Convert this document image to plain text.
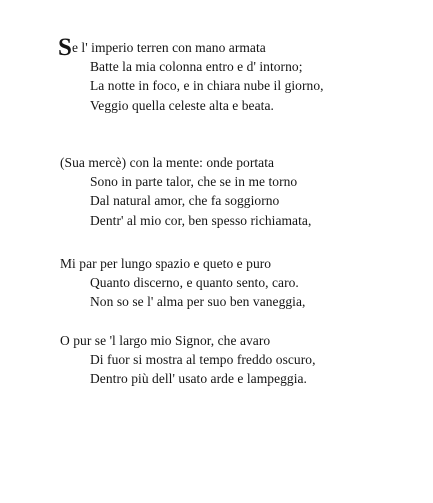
Se l' imperio terren con mano armata
Batte la mia colonna entro e d' intorno;
La notte in foco, e in chiara nube il giorno,
Veggio quella celeste alta e beata.
(Sua mercè) con la mente: onde portata
Sono in parte talor, che se in me torno
Dal natural amor, che fa soggiorno
Dentr' al mio cor, ben spesso richiamata,
Mi par per lungo spazio e queto e puro
Quanto discerno, e quanto sento, caro.
Non so se l' alma per suo ben vaneggia,
O pur se 'l largo mio Signor, che avaro
Di fuor si mostra al tempo freddo oscuro,
Dentro più dell' usato arde e lampeggia.
